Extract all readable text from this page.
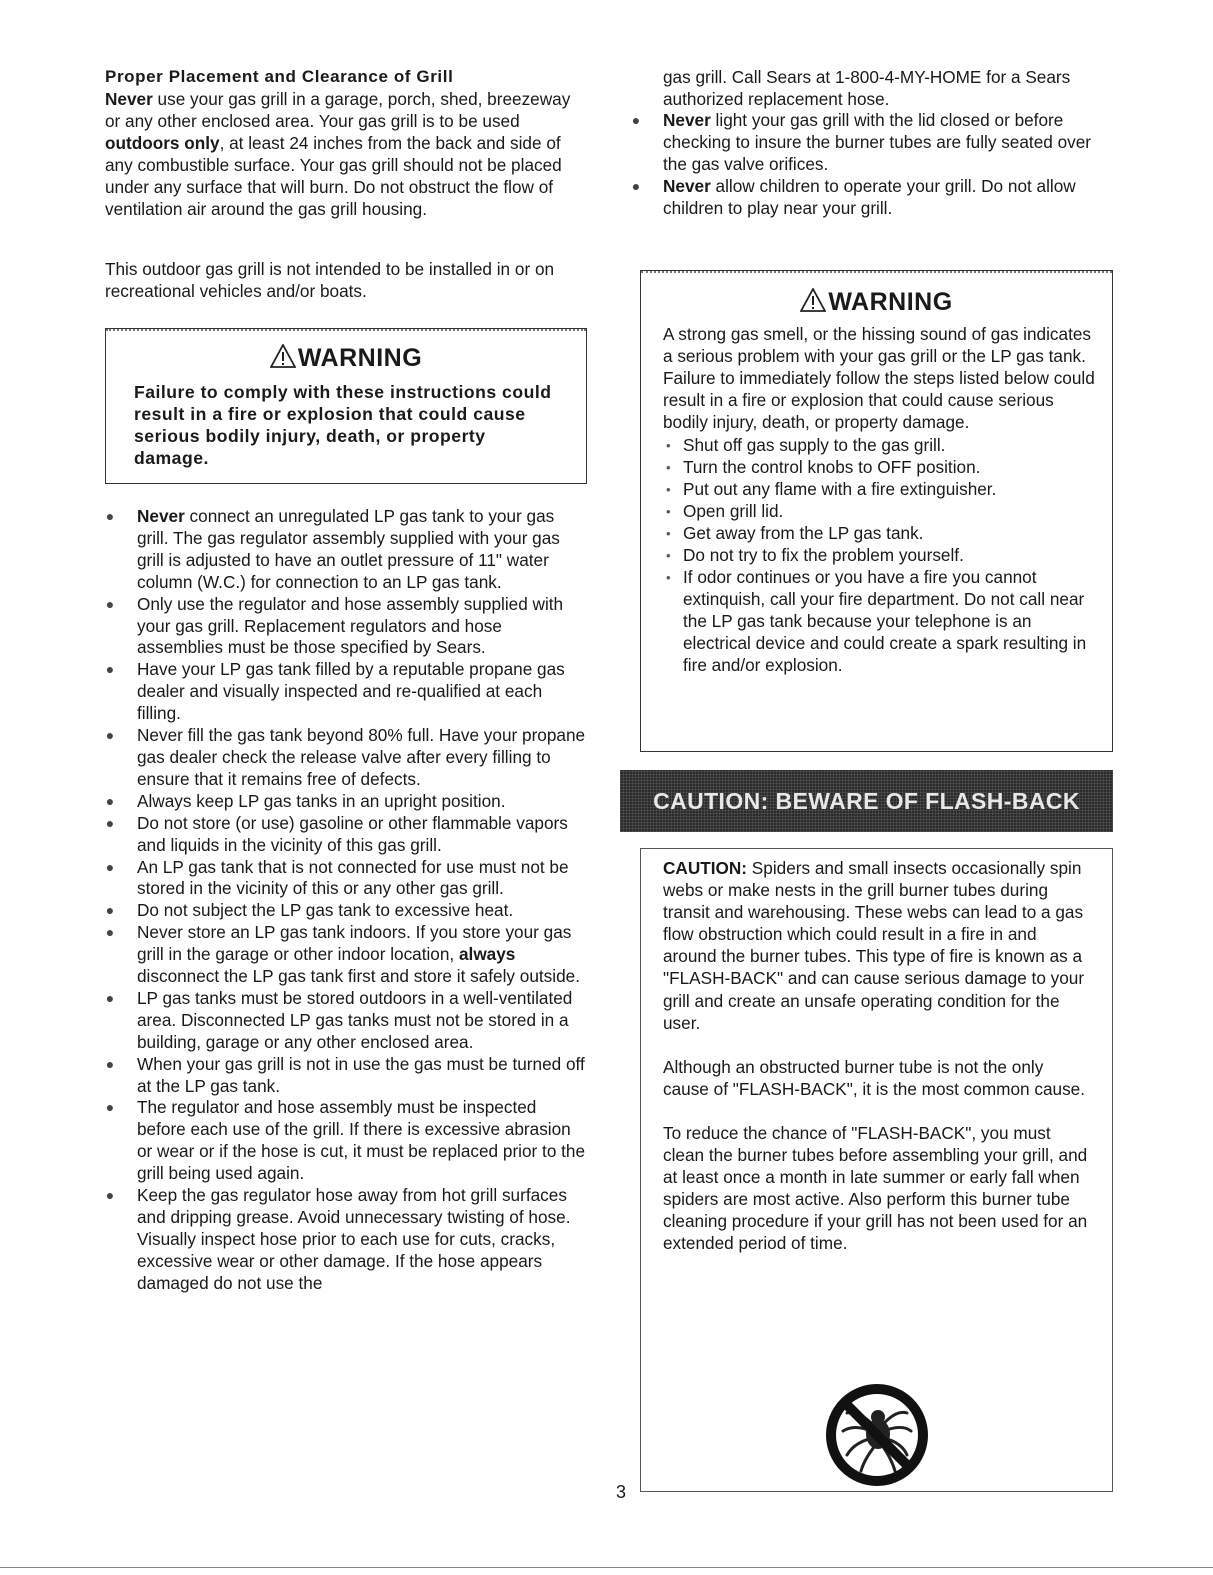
Proper Placement and Clearance of Grill

Never use your gas grill in a garage, porch, shed, breezeway or any other enclosed area. Your gas grill is to be used outdoors only, at least 24 inches from the back and side of any combustible surface. Your gas grill should not be placed under any surface that will burn. Do not obstruct the flow of ventilation air around the gas grill housing.

This outdoor gas grill is not intended to be installed in or on recreational vehicles and/or boats.

WARNING

Failure to comply with these instructions could result in a fire or explosion that could cause serious bodily injury, death, or property damage.

● Never connect an unregulated LP gas tank to your gas grill. The gas regulator assembly supplied with your gas grill is adjusted to have an outlet pressure of 11" water column (W.C.) for connection to an LP gas tank.
● Only use the regulator and hose assembly supplied with your gas grill. Replacement regulators and hose assemblies must be those specified by Sears.
● Have your LP gas tank filled by a reputable propane gas dealer and visually inspected and re-qualified at each filling.
● Never fill the gas tank beyond 80% full. Have your propane gas dealer check the release valve after every filling to ensure that it remains free of defects.
● Always keep LP gas tanks in an upright position.
● Do not store (or use) gasoline or other flammable vapors and liquids in the vicinity of this gas grill.
● An LP gas tank that is not connected for use must not be stored in the vicinity of this or any other gas grill.
● Do not subject the LP gas tank to excessive heat.
● Never store an LP gas tank indoors. If you store your gas grill in the garage or other indoor location, always disconnect the LP gas tank first and store it safely outside.
● LP gas tanks must be stored outdoors in a well-ventilated area. Disconnected LP gas tanks must not be stored in a building, garage or any other enclosed area.
● When your gas grill is not in use the gas must be turned off at the LP gas tank.
● The regulator and hose assembly must be inspected before each use of the grill. If there is excessive abrasion or wear or if the hose is cut, it must be replaced prior to the grill being used again.
● Keep the gas regulator hose away from hot grill surfaces and dripping grease. Avoid unnecessary twisting of hose. Visually inspect hose prior to each use for cuts, cracks, excessive wear or other damage. If the hose appears damaged do not use the

gas grill. Call Sears at 1-800-4-MY-HOME for a Sears authorized replacement hose.

● Never light your gas grill with the lid closed or before checking to insure the burner tubes are fully seated over the gas valve orifices.
● Never allow children to operate your grill. Do not allow children to play near your grill.
WARNING

A strong gas smell, or the hissing sound of gas indicates a serious problem with your gas grill or the LP gas tank. Failure to immediately follow the steps listed below could result in a fire or explosion that could cause serious bodily injury, death, or property damage.

• Shut off gas supply to the gas grill.
• Turn the control knobs to OFF position.
• Put out any flame with a fire extinguisher.
• Open grill lid.
• Get away from the LP gas tank.
• Do not try to fix the problem yourself.
• If odor continues or you have a fire you cannot extinquish, call your fire department. Do not call near the LP gas tank because your telephone is an electrical device and could create a spark resulting in fire and/or explosion.
CAUTION: BEWARE OF FLASH-BACK

CAUTION: Spiders and small insects occasionally spin webs or make nests in the grill burner tubes during transit and warehousing. These webs can lead to a gas flow obstruction which could result in a fire in and around the burner tubes. This type of fire is known as a "FLASH-BACK" and can cause serious damage to your grill and create an unsafe operating condition for the user.

Although an obstructed burner tube is not the only cause of "FLASH-BACK", it is the most common cause.

To reduce the chance of "FLASH-BACK", you must clean the burner tubes before assembling your grill, and at least once a month in late summer or early fall when spiders are most active. Also perform this burner tube cleaning procedure if your grill has not been used for an extended period of time.

3
